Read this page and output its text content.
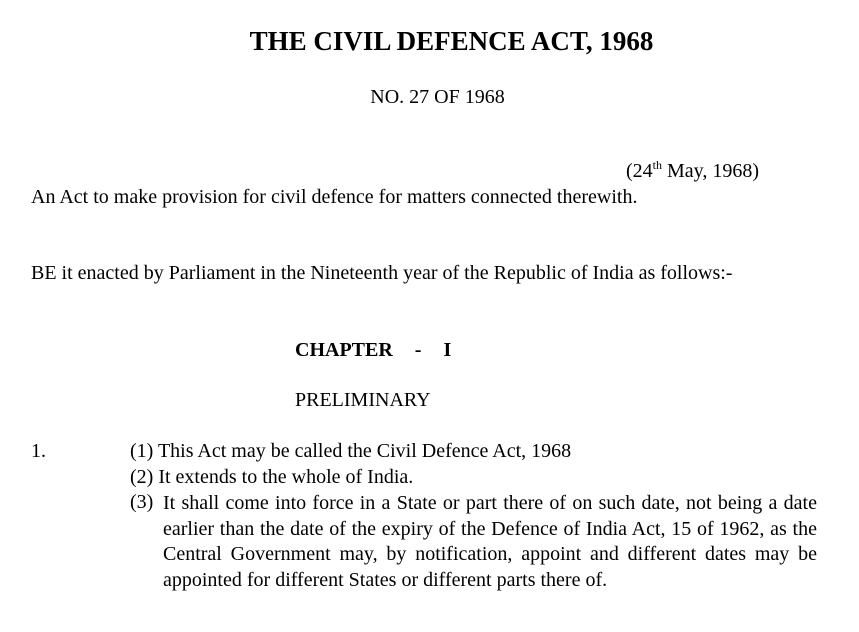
THE CIVIL DEFENCE ACT, 1968
NO. 27 OF 1968
(24th May, 1968)
An Act to make provision for civil defence for matters connected therewith.
BE it enacted by Parliament in the Nineteenth year of the Republic of India as follows:-
CHAPTER - I
PRELIMINARY
1.	(1) This Act may be called the Civil Defence Act, 1968
(2) It extends to the whole of India.
(3) It shall come into force in a State or part there of on such date, not being a date earlier than the date of the expiry of the Defence of India Act, 15 of 1962, as the Central Government may, by notification, appoint and different dates may be appointed for different States or different parts there of.
